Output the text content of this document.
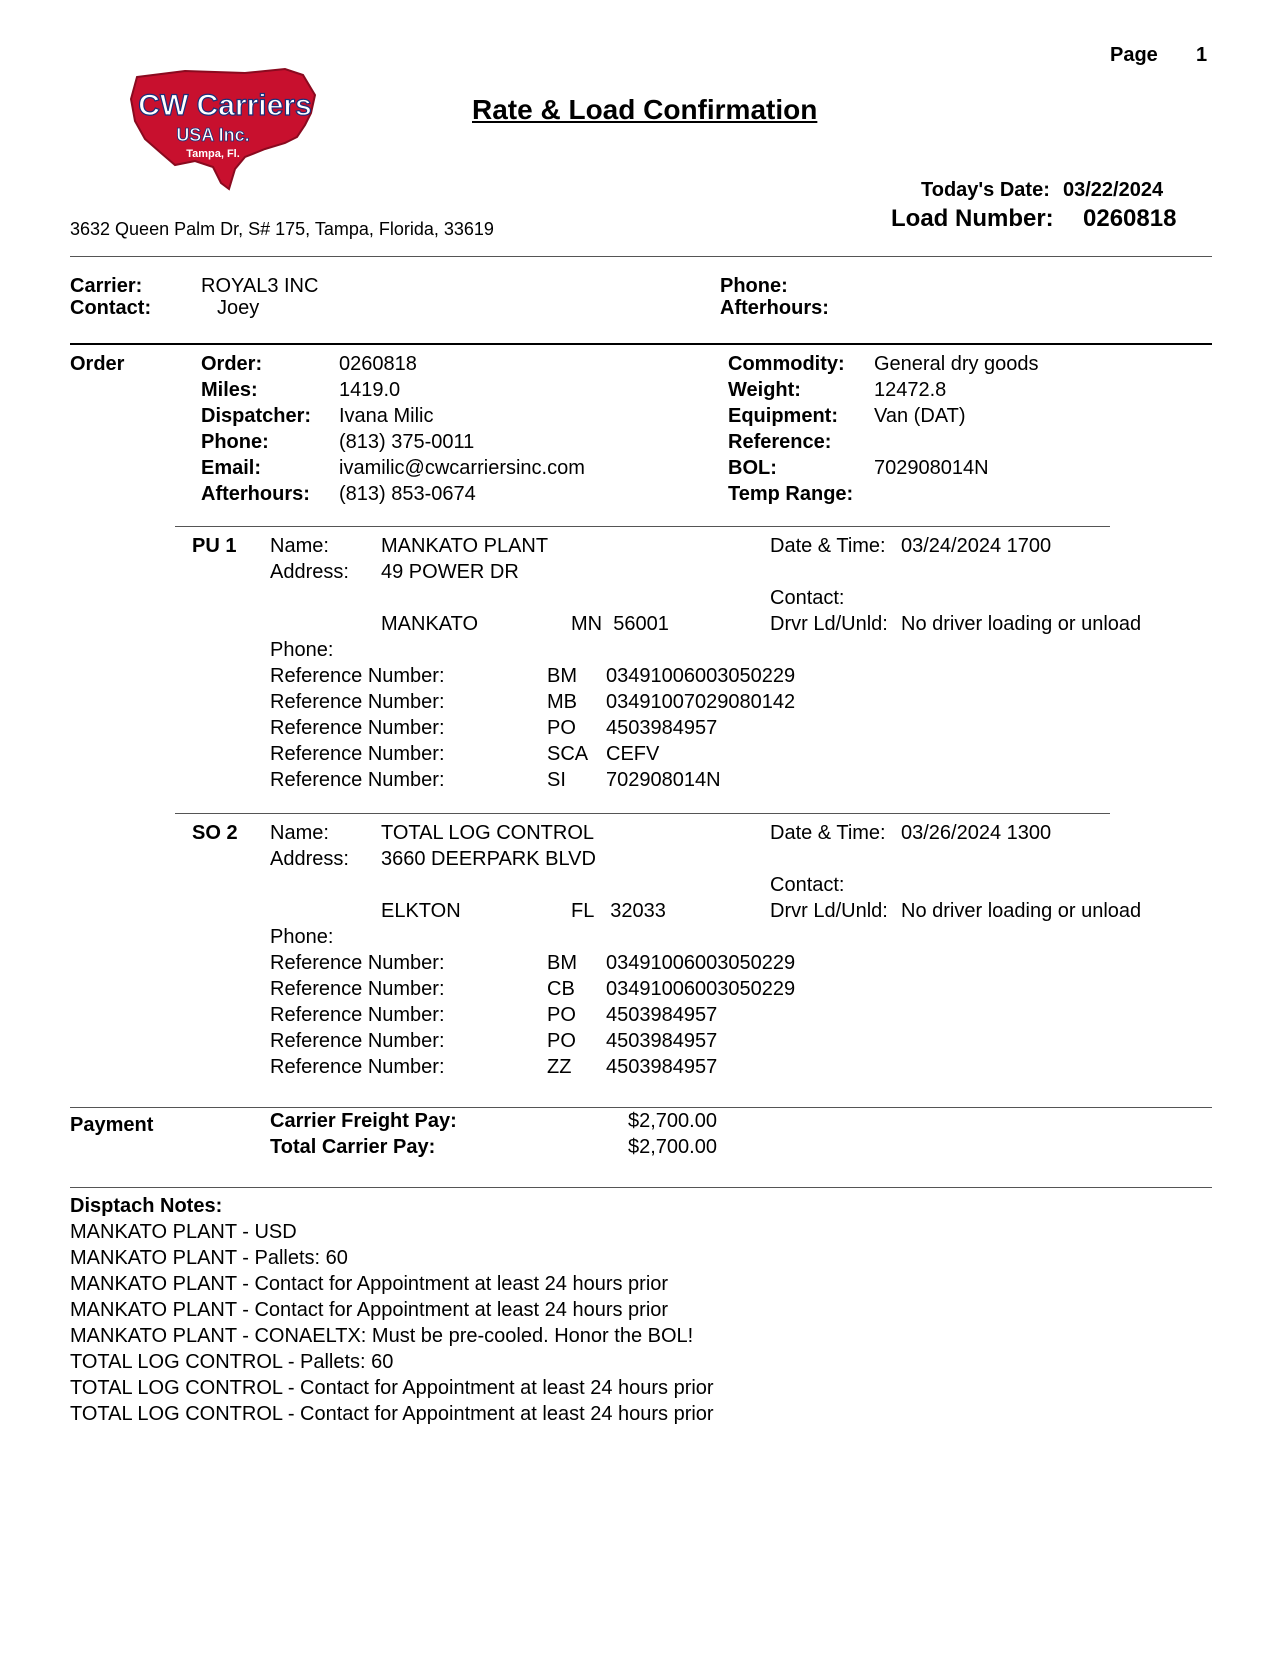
Page 1
CW Carriers
USA Inc.
Tampa, Fl.
Rate & Load Confirmation
Today's Date: 03/22/2024
3632 Queen Palm Dr, S# 175, Tampa, Florida, 33619	Load Number: 0260818
Carrier:	ROYAL3 INC
Contact:	Joey
Phone:
Afterhours:
Order	Order:	0260818
Miles:	1419.0
Dispatcher: Ivana Milic
Phone:	(813) 375-0011
Email:	ivamilic@cwcarriersinc.com
Afterhours: (813) 853-0674
Commodity: General dry goods
Weight:	12472.8
Equipment: Van (DAT)
Reference:
BOL:	702908014N
Temp Range:
PU 1 Name:	MANKATO PLANT	Date & Time: 03/24/2024 1700
Address: 49 POWER DR
Contact:
MANKATO	MN  56001	Drvr Ld/Unld: No driver loading or unload
Phone:
Reference Number:	BM 03491006003050229
Reference Number:	MB 03491007029080142
Reference Number:	PO 4503984957
Reference Number:	SCA CEFV
Reference Number:	SI 702908014N
SO 2 Name:	TOTAL LOG CONTROL	Date & Time: 03/26/2024 1300
Address: 3660 DEERPARK BLVD
Contact:
ELKTON	FL   32033	Drvr Ld/Unld: No driver loading or unload
Phone:
Reference Number:	BM 03491006003050229
Reference Number:	CB 03491006003050229
Reference Number:	PO 4503984957
Reference Number:	PO 4503984957
Reference Number:	ZZ 4503984957
Payment	Carrier Freight Pay:	$2,700.00
Total Carrier Pay:	$2,700.00
Disptach Notes:
MANKATO PLANT - USD
MANKATO PLANT - Pallets: 60
MANKATO PLANT - Contact for Appointment at least 24 hours prior
MANKATO PLANT - Contact for Appointment at least 24 hours prior
MANKATO PLANT - CONAELTX: Must be pre-cooled. Honor the BOL!
TOTAL LOG CONTROL - Pallets: 60
TOTAL LOG CONTROL - Contact for Appointment at least 24 hours prior
TOTAL LOG CONTROL - Contact for Appointment at least 24 hours prior
